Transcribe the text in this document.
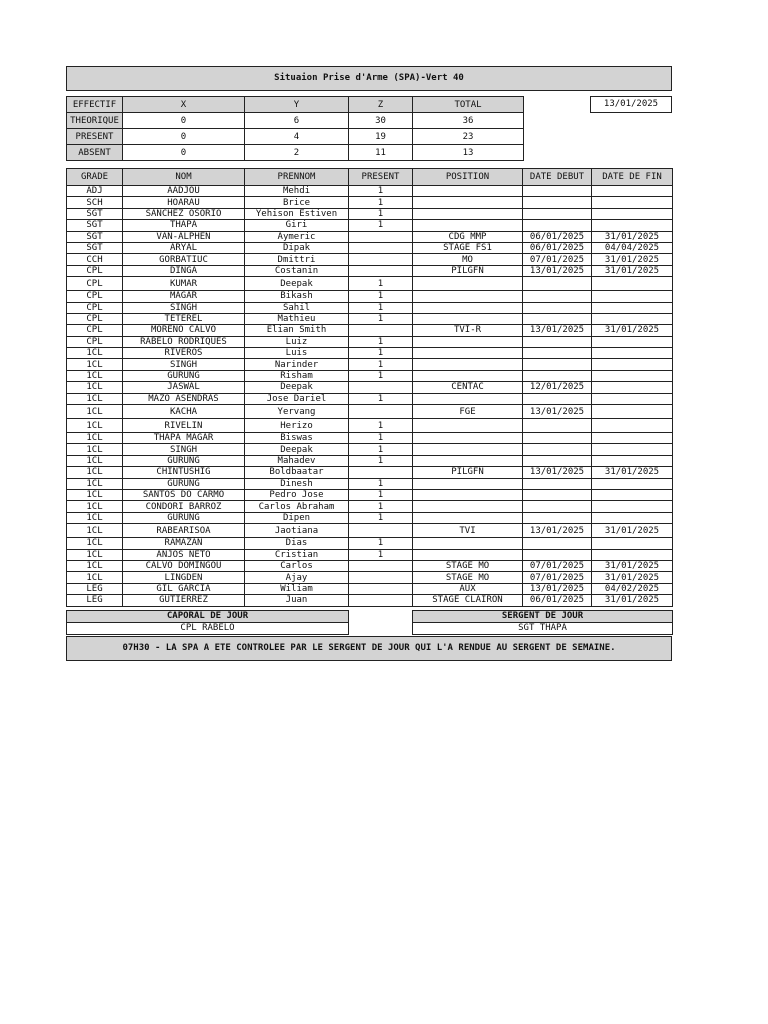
Situaion Prise d'Arme (SPA)-Vert 40
EFFECTIF	X	Y	Z	TOTAL
THEORIQUE	0	6	30	36
PRESENT	0	4	19	23
ABSENT	0	2	11	13
13/01/2025
GRADE	NOM	PRENNOM	PRESENT	POSITION	DATE DEBUT	DATE DE FIN
ADJ	AADJOU	Mehdi	1			
SCH	HOARAU	Brice	1			
SGT	SANCHEZ OSORIO	Yehison Estiven	1			
SGT	THAPA	Giri	1			
SGT	VAN-ALPHEN	Aymeric		CDG MMP	06/01/2025	31/01/2025
SGT	ARYAL	Dipak		STAGE FS1	06/01/2025	04/04/2025
CCH	GORBATIUC	Dmittri		MO	07/01/2025	31/01/2025
CPL	DINGA	Costanin		PILGFN	13/01/2025	31/01/2025
CPL	KUMAR	Deepak	1			
CPL	MAGAR	Bikash	1			
CPL	SINGH	Sahil	1			
CPL	TETEREL	Mathieu	1			
CPL	MORENO CALVO	Elian Smith		TVI-R	13/01/2025	31/01/2025
CPL	RABELO RODRIQUES	Luiz	1			
1CL	RIVEROS	Luis	1			
1CL	SINGH	Narinder	1			
1CL	GURUNG	Risham	1			
1CL	JASWAL	Deepak		CENTAC	12/01/2025	
1CL	MAZO ASENDRAS	Jose Dariel	1			
1CL	KACHA	Yervang		FGE	13/01/2025	
1CL	RIVELIN	Herizo	1			
1CL	THAPA MAGAR	Biswas	1			
1CL	SINGH	Deepak	1			
1CL	GURUNG	Mahadev	1			
1CL	CHINTUSHIG	Boldbaatar		PILGFN	13/01/2025	31/01/2025
1CL	GURUNG	Dinesh	1			
1CL	SANTOS DO CARMO	Pedro Jose	1			
1CL	CONDORI BARROZ	Carlos Abraham	1			
1CL	GURUNG	Dipen	1			
1CL	RABEARISOA	Jaotiana		TVI	13/01/2025	31/01/2025
1CL	RAMAZAN	Dias	1			
1CL	ANJOS NETO	Cristian	1			
1CL	CALVO DOMINGOU	Carlos		STAGE MO	07/01/2025	31/01/2025
1CL	LINGDEN	Ajay		STAGE MO	07/01/2025	31/01/2025
LEG	GIL GARCIA	Wiliam		AUX	13/01/2025	04/02/2025
LEG	GUTIERREZ	Juan		STAGE CLAIRON	06/01/2025	31/01/2025
CAPORAL DE JOUR		SERGENT DE JOUR
CPL RABELO		SGT THAPA
07H30 - LA SPA A ETE CONTROLEE PAR LE SERGENT DE JOUR QUI L'A RENDUE AU SERGENT DE SEMAINE.
